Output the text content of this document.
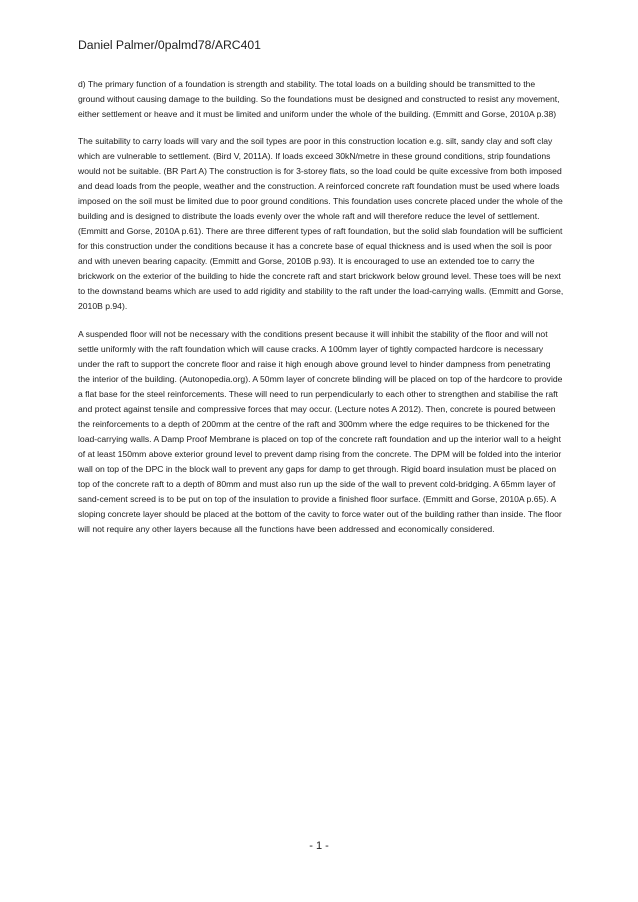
Daniel Palmer/0palmd78/ARC401

d) The primary function of a foundation is strength and stability. The total loads on a building should be transmitted to the ground without causing damage to the building. So the foundations must be designed and constructed to resist any movement, either settlement or heave and it must be limited and uniform under the whole of the building. (Emmitt and Gorse, 2010A p.38)

The suitability to carry loads will vary and the soil types are poor in this construction location e.g. silt, sandy clay and soft clay which are vulnerable to settlement. (Bird V, 2011A). If loads exceed 30kN/metre in these ground conditions, strip foundations would not be suitable. (BR Part A) The construction is for 3-storey flats, so the load could be quite excessive from both imposed and dead loads from the people, weather and the construction. A reinforced concrete raft foundation must be used where loads imposed on the soil must be limited due to poor ground conditions. This foundation uses concrete placed under the whole of the building and is designed to distribute the loads evenly over the whole raft and will therefore reduce the level of settlement. (Emmitt and Gorse, 2010A p.61). There are three different types of raft foundation, but the solid slab foundation will be sufficient for this construction under the conditions because it has a concrete base of equal thickness and is used when the soil is poor and with uneven bearing capacity. (Emmitt and Gorse, 2010B p.93). It is encouraged to use an extended toe to carry the brickwork on the exterior of the building to hide the concrete raft and start brickwork below ground level. These toes will be next to the downstand beams which are used to add rigidity and stability to the raft under the load-carrying walls. (Emmitt and Gorse, 2010B p.94).

A suspended floor will not be necessary with the conditions present because it will inhibit the stability of the floor and will not settle uniformly with the raft foundation which will cause cracks. A 100mm layer of tightly compacted hardcore is necessary under the raft to support the concrete floor and raise it high enough above ground level to hinder dampness from penetrating the interior of the building. (Autonopedia.org). A 50mm layer of concrete blinding will be placed on top of the hardcore to provide a flat base for the steel reinforcements. These will need to run perpendicularly to each other to strengthen and stabilise the raft and protect against tensile and compressive forces that may occur. (Lecture notes A 2012). Then, concrete is poured between the reinforcements to a depth of 200mm at the centre of the raft and 300mm where the edge requires to be thickened for the load-carrying walls. A Damp Proof Membrane is placed on top of the concrete raft foundation and up the interior wall to a height of at least 150mm above exterior ground level to prevent damp rising from the concrete. The DPM will be folded into the interior wall on top of the DPC in the block wall to prevent any gaps for damp to get through. Rigid board insulation must be placed on top of the concrete raft to a depth of 80mm and must also run up the side of the wall to prevent cold-bridging. A 65mm layer of sand-cement screed is to be put on top of the insulation to provide a finished floor surface. (Emmitt and Gorse, 2010A p.65). A sloping concrete layer should be placed at the bottom of the cavity to force water out of the building rather than inside. The floor will not require any other layers because all the functions have been addressed and economically considered.

- 1 -
